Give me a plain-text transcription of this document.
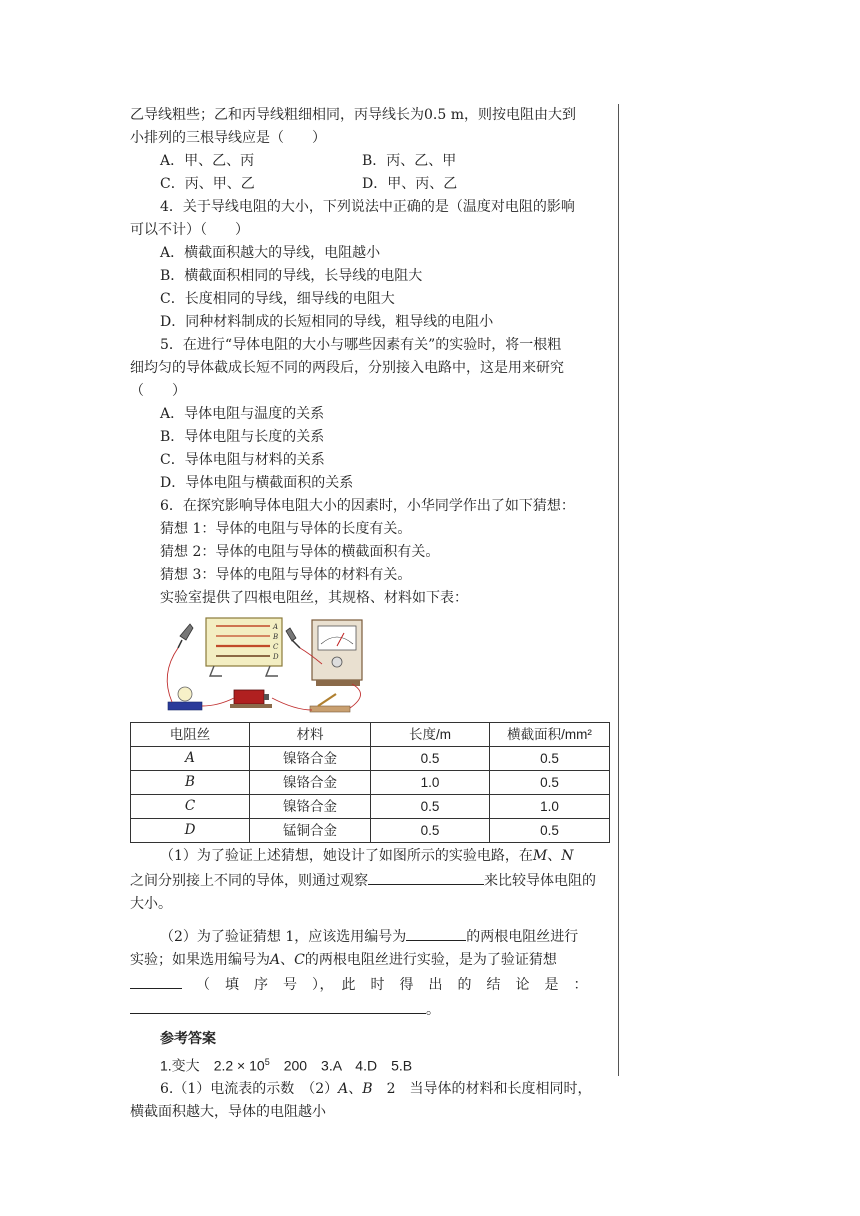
乙导线粗些；乙和丙导线粗细相同，丙导线长为0.5 m，则按电阻由大到

小排列的三根导线应是（　　）

A．甲、乙、丙	B．丙、乙、甲
C．丙、甲、乙	D．甲、丙、乙

4．关于导线电阻的大小，下列说法中正确的是（温度对电阻的影响

可以不计）（　　）

A．横截面积越大的导线，电阻越小

B．横截面积相同的导线，长导线的电阻大

C．长度相同的导线，细导线的电阻大

D．同种材料制成的长短相同的导线，粗导线的电阻小

5．在进行“导体电阻的大小与哪些因素有关”的实验时，将一根粗

细均匀的导体截成长短不同的两段后，分别接入电路中，这是用来研究

（　　）

A．导体电阻与温度的关系

B．导体电阻与长度的关系

C．导体电阻与材料的关系

D．导体电阻与横截面积的关系

6．在探究影响导体电阻大小的因素时，小华同学作出了如下猜想：

猜想 1：导体的电阻与导体的长度有关。

猜想 2：导体的电阻与导体的横截面积有关。

猜想 3：导体的电阻与导体的材料有关。

实验室提供了四根电阻丝，其规格、材料如下表：

A
B
C
D
电阻丝	材料	长度/m	横截面积/mm²
A	镍铬合金	0.5	0.5
B	镍铬合金	1.0	0.5
C	镍铬合金	0.5	1.0
D	锰铜合金	0.5	0.5

（1）为了验证上述猜想，她设计了如图所示的实验电路，在M、N

之间分别接上不同的导体，则通过观察	来比较导体电阻的

大小。

（2）为了验证猜想 1，应该选用编号为	的两根电阻丝进行

实验；如果选用编号为A、C的两根电阻丝进行实验，是为了验证猜想

（　填　序　号　），　此　时　得　出　的　结　论　是　：

。

参考答案

1.变大　$2.2 \times 10^5$　200　3.A　4.D　5.B

6.（1）电流表的示数　（2）A、B　2　当导体的材料和长度相同时，

横截面积越大，导体的电阻越小
